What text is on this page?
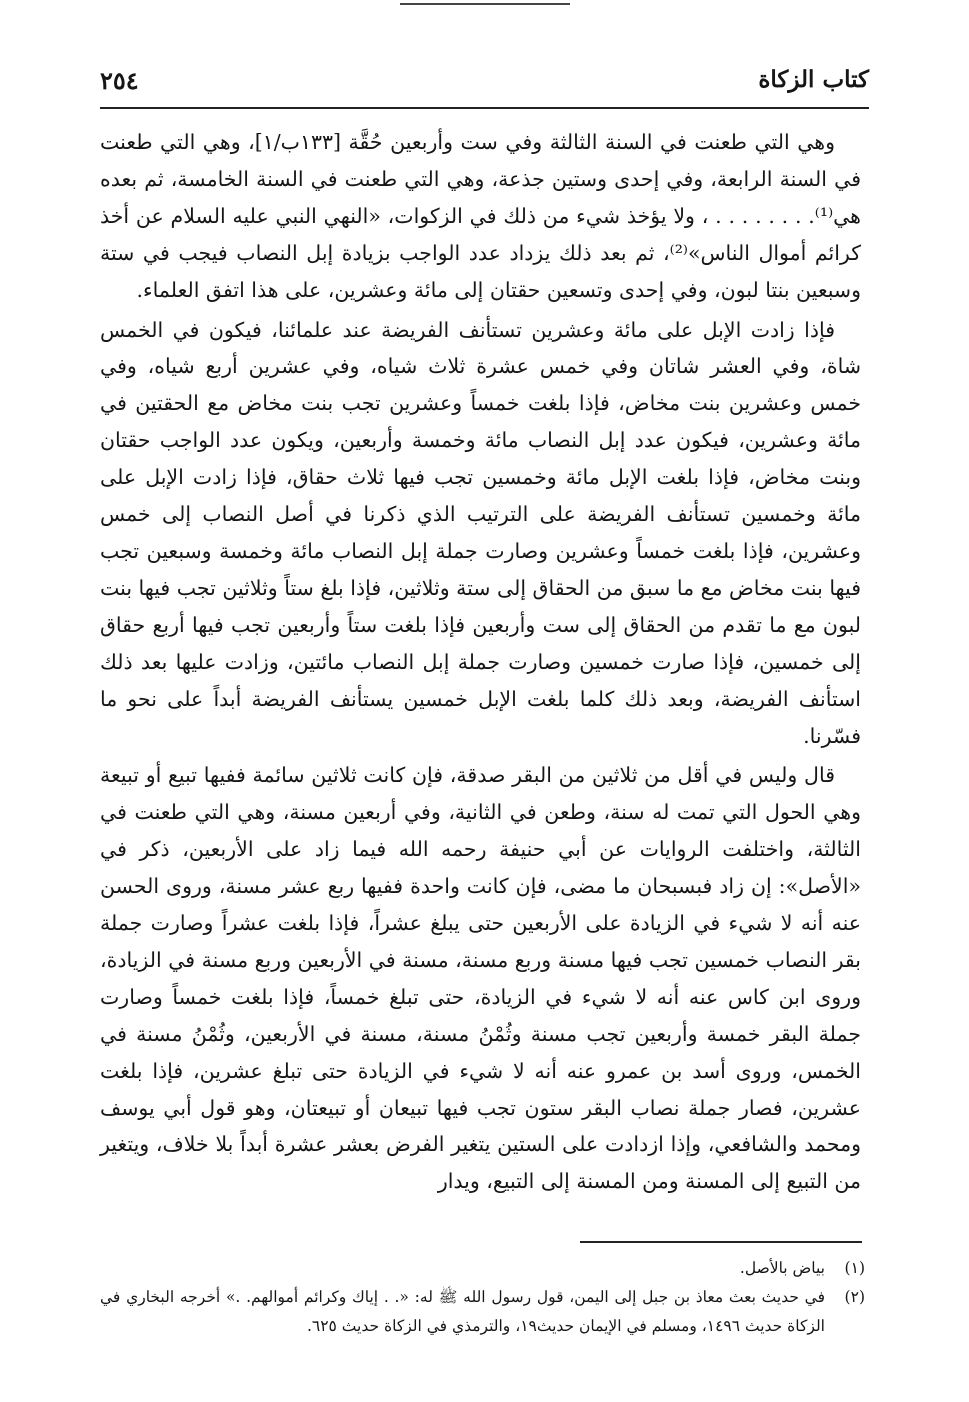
كتاب الزكاة
٢٥٤

وهي التي طعنت في السنة الثالثة وفي ست وأربعين حُقَّة [١٣٣ب/١]، وهي التي طعنت في السنة الرابعة، وفي إحدى وستين جذعة، وهي التي طعنت في السنة الخامسة، ثم بعده هي⁽¹⁾. . . . . . . . ، ولا يؤخذ شيء من ذلك في الزكوات، «النهي النبي عليه السلام عن أخذ كرائم أموال الناس»⁽²⁾، ثم بعد ذلك يزداد عدد الواجب بزيادة إبل النصاب فيجب في ستة وسبعين بنتا لبون، وفي إحدى وتسعين حقتان إلى مائة وعشرين، على هذا اتفق العلماء.

فإذا زادت الإبل على مائة وعشرين تستأنف الفريضة عند علمائنا، فيكون في الخمس شاة، وفي العشر شاتان وفي خمس عشرة ثلاث شياه، وفي عشرين أربع شياه، وفي خمس وعشرين بنت مخاض، فإذا بلغت خمساً وعشرين تجب بنت مخاض مع الحقتين في مائة وعشرين، فيكون عدد إبل النصاب مائة وخمسة وأربعين، ويكون عدد الواجب حقتان وبنت مخاض، فإذا بلغت الإبل مائة وخمسين تجب فيها ثلاث حقاق، فإذا زادت الإبل على مائة وخمسين تستأنف الفريضة على الترتيب الذي ذكرنا في أصل النصاب إلى خمس وعشرين، فإذا بلغت خمساً وعشرين وصارت جملة إبل النصاب مائة وخمسة وسبعين تجب فيها بنت مخاض مع ما سبق من الحقاق إلى ستة وثلاثين، فإذا بلغ ستاً وثلاثين تجب فيها بنت لبون مع ما تقدم من الحقاق إلى ست وأربعين فإذا بلغت ستاً وأربعين تجب فيها أربع حقاق إلى خمسين، فإذا صارت خمسين وصارت جملة إبل النصاب مائتين، وزادت عليها بعد ذلك استأنف الفريضة، وبعد ذلك كلما بلغت الإبل خمسين يستأنف الفريضة أبداً على نحو ما فسّرنا.

قال وليس في أقل من ثلاثين من البقر صدقة، فإن كانت ثلاثين سائمة ففيها تبيع أو تبيعة وهي الحول التي تمت له سنة، وطعن في الثانية، وفي أربعين مسنة، وهي التي طعنت في الثالثة، واختلفت الروايات عن أبي حنيفة رحمه الله فيما زاد على الأربعين، ذكر في «الأصل»: إن زاد فبسبحان ما مضى، فإن كانت واحدة ففيها ربع عشر مسنة، وروى الحسن عنه أنه لا شيء في الزيادة على الأربعين حتى يبلغ عشراً، فإذا بلغت عشراً وصارت جملة بقر النصاب خمسين تجب فيها مسنة وربع مسنة، مسنة في الأربعين وربع مسنة في الزيادة، وروى ابن كاس عنه أنه لا شيء في الزيادة، حتى تبلغ خمساً، فإذا بلغت خمساً وصارت جملة البقر خمسة وأربعين تجب مسنة وثُمْنُ مسنة، مسنة في الأربعين، وثُمْنُ مسنة في الخمس، وروى أسد بن عمرو عنه أنه لا شيء في الزيادة حتى تبلغ عشرين، فإذا بلغت عشرين، فصار جملة نصاب البقر ستون تجب فيها تبيعان أو تبيعتان، وهو قول أبي يوسف ومحمد والشافعي، وإذا ازدادت على الستين يتغير الفرض بعشر عشرة أبداً بلا خلاف، ويتغير من التبيع إلى المسنة ومن المسنة إلى التبيع، ويدار

(١)
بياض بالأصل.
(٢)
في حديث بعث معاذ بن جبل إلى اليمن، قول رسول الله ﷺ له: «. . إياك وكرائم أموالهم. .» أخرجه البخاري في الزكاة حديث ١٤٩٦، ومسلم في الإيمان حديث١٩، والترمذي في الزكاة حديث ٦٢٥.
